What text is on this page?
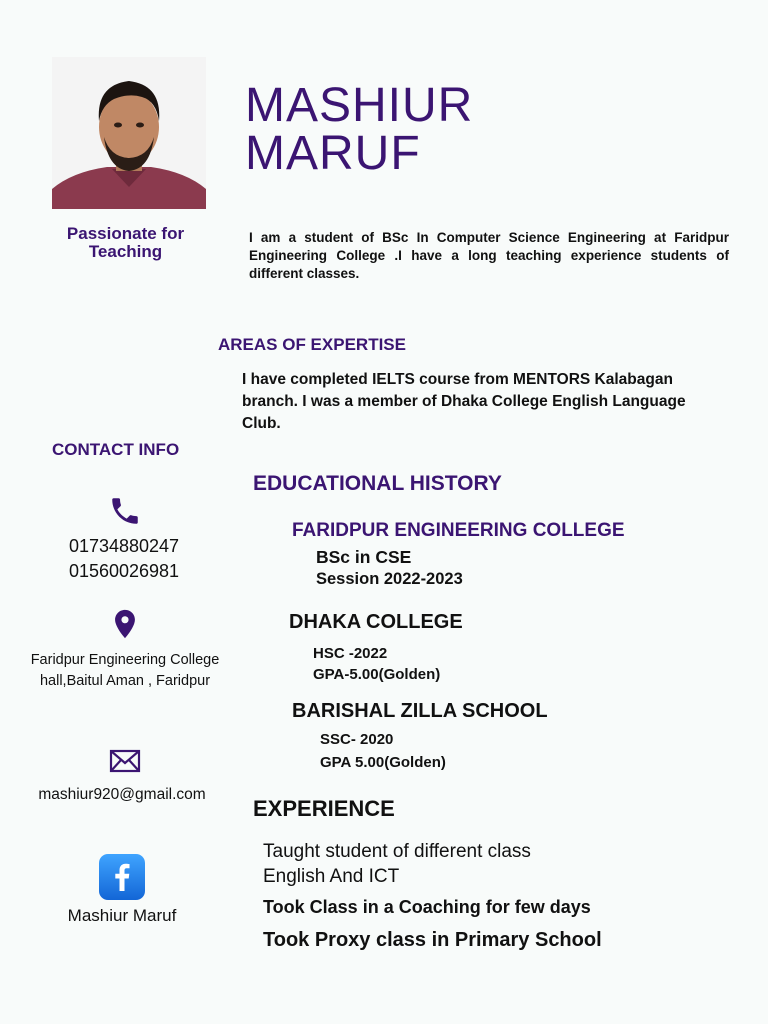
MASHIUR
MARUF
Passionate for Teaching
I am a student of BSc In Computer Science Engineering at Faridpur Engineering College .I have a long teaching experience students of different classes.
AREAS OF EXPERTISE
I have completed IELTS course from MENTORS Kalabagan branch. I was a member of Dhaka College English Language Club.
CONTACT INFO
01734880247
01560026981
Faridpur Engineering College hall,Baitul Aman , Faridpur
mashiur920@gmail.com
Mashiur Maruf
EDUCATIONAL HISTORY
FARIDPUR ENGINEERING COLLEGE
BSc in CSE
Session 2022-2023
DHAKA COLLEGE
HSC -2022
GPA-5.00(Golden)
BARISHAL ZILLA SCHOOL
SSC- 2020
GPA 5.00(Golden)
EXPERIENCE
Taught student of different class
English And ICT
Took Class in a Coaching for few days
Took Proxy class in Primary School
